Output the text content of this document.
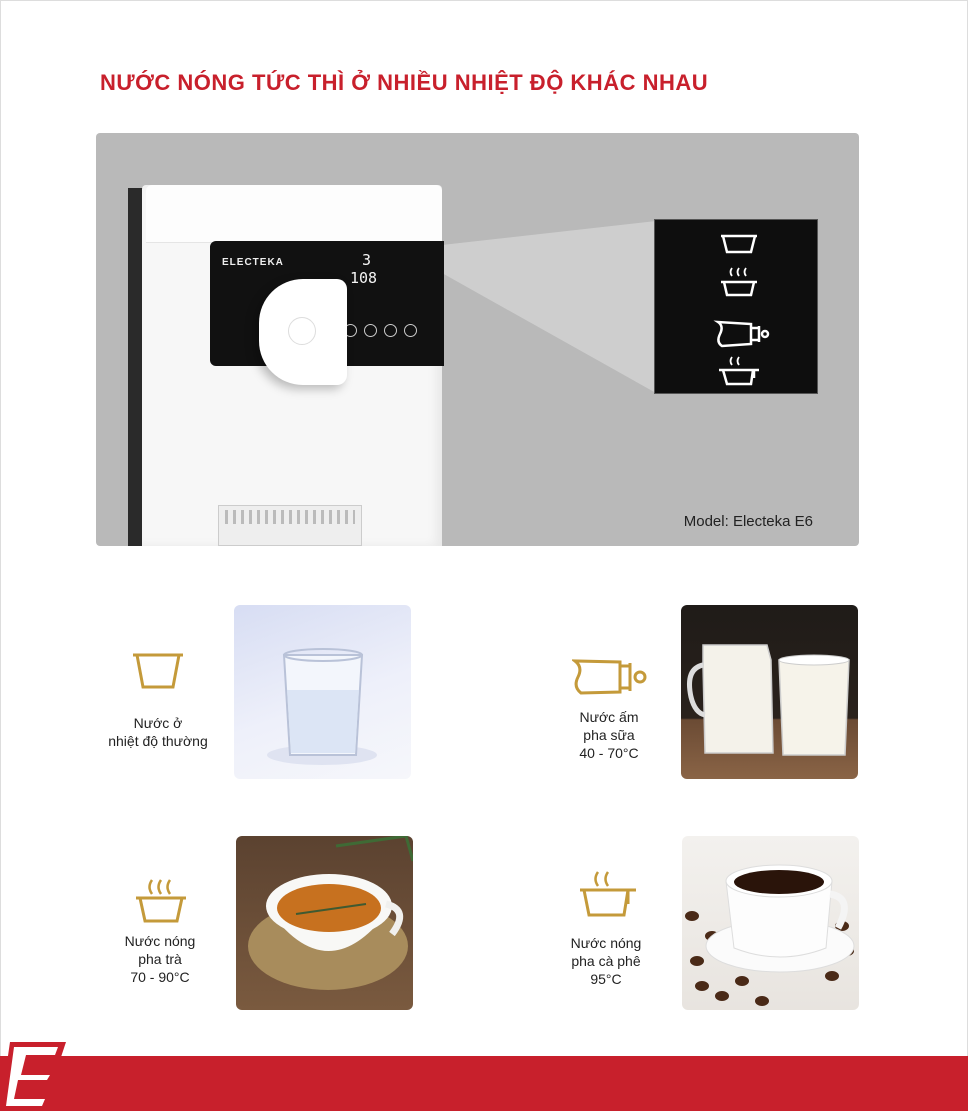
NƯỚC NÓNG TỨC THÌ Ở NHIỀU NHIỆT ĐỘ KHÁC NHAU
ELECTEKA	3
108
Model: Electeka E6
Nước ở
nhiệt độ thường
Nước ấm
pha sữa
40 - 70°C
Nước nóng
pha trà
70 - 90°C
Nước nóng
pha cà phê
95°C
